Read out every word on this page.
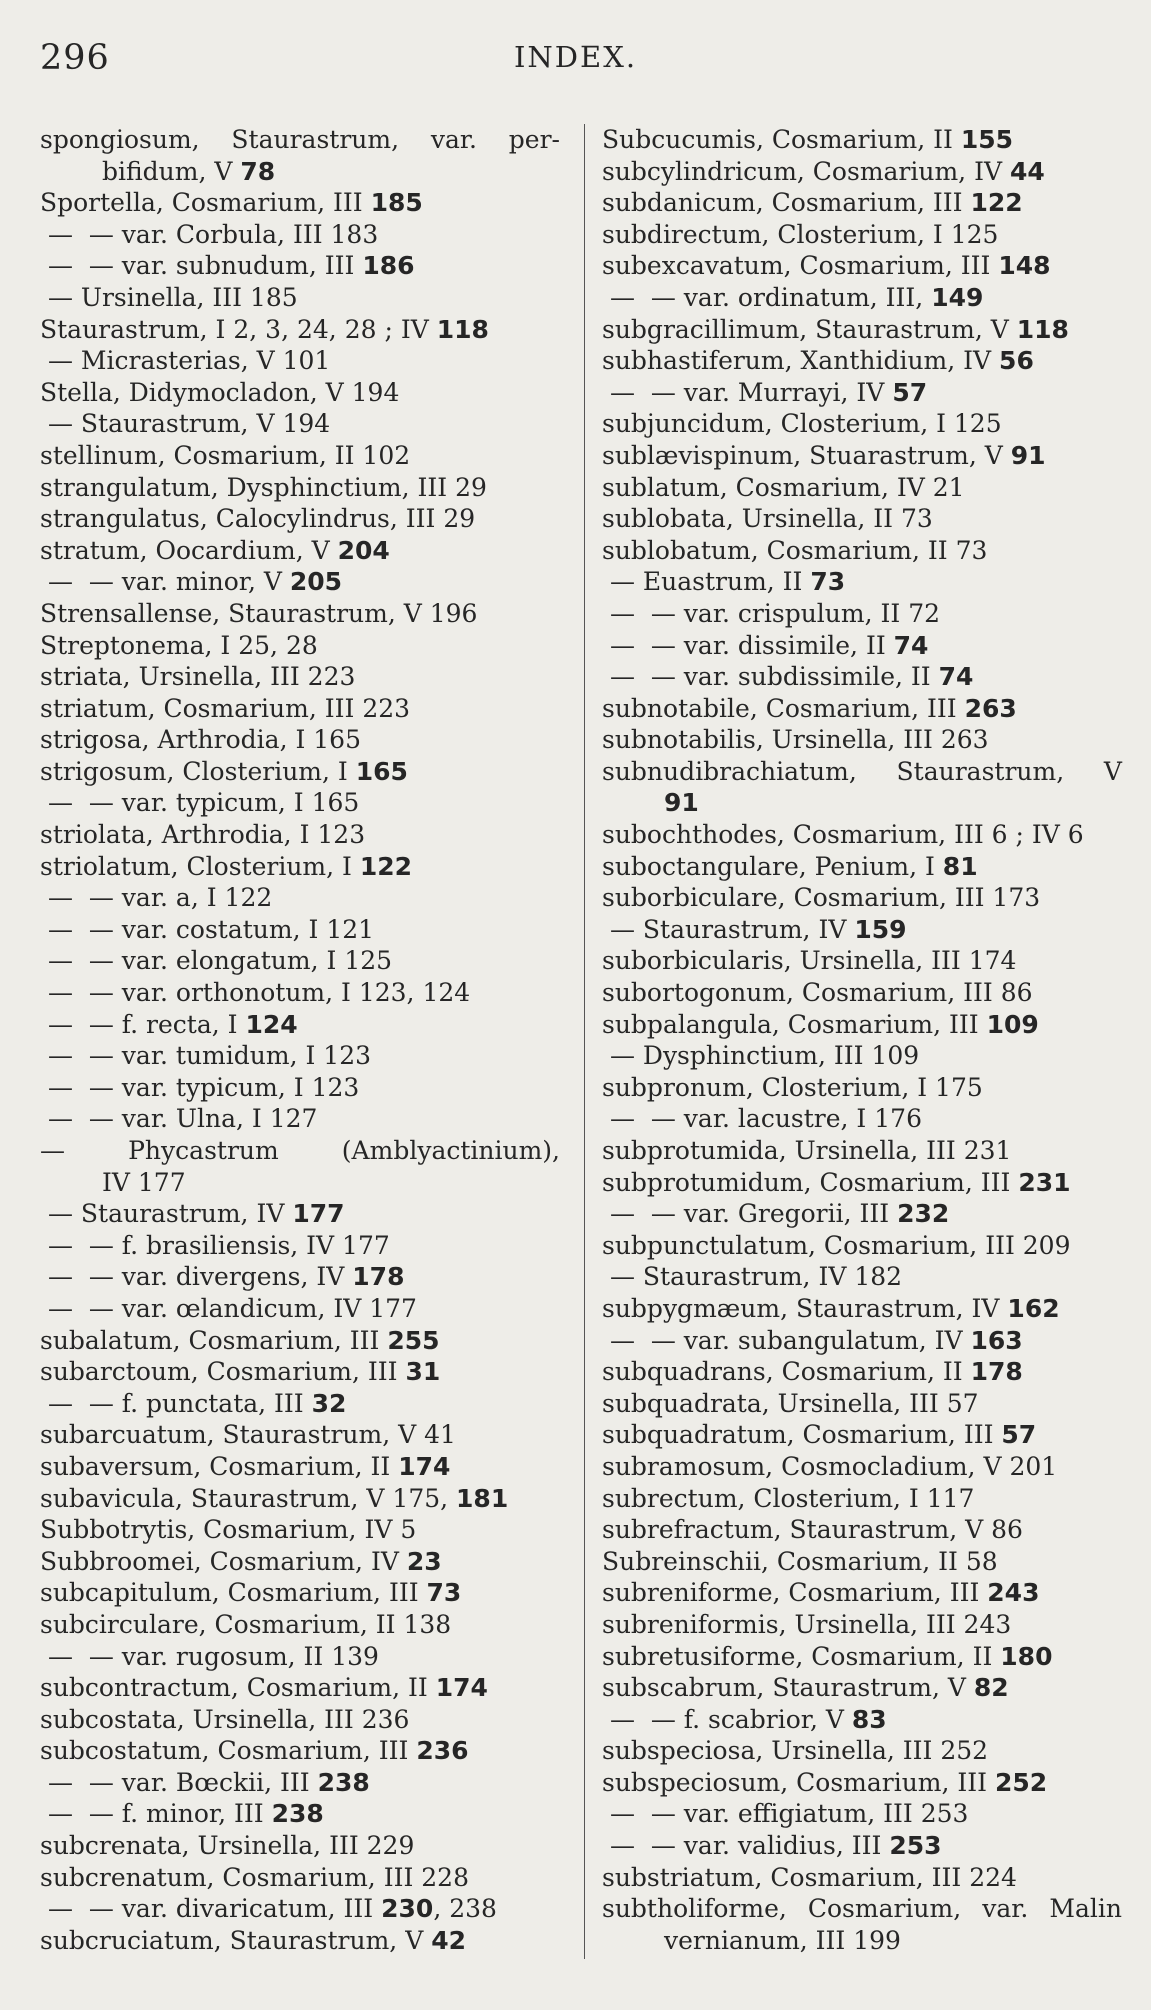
296	INDEX.
spongiosum, Staurastrum, var. per-
bifidum, V 78
Sportella, Cosmarium, III 185
—  — var. Corbula, III 183
—  — var. subnudum, III 186
— Ursinella, III 185
Staurastrum, I 2, 3, 24, 28 ; IV 118
— Micrasterias, V 101
Stella, Didymocladon, V 194
— Staurastrum, V 194
stellinum, Cosmarium, II 102
strangulatum, Dysphinctium, III 29
strangulatus, Calocylindrus, III 29
stratum, Oocardium, V 204
—  — var. minor, V 205
Strensallense, Staurastrum, V 196
Streptonema, I 25, 28
striata, Ursinella, III 223
striatum, Cosmarium, III 223
strigosa, Arthrodia, I 165
strigosum, Closterium, I 165
—  — var. typicum, I 165
striolata, Arthrodia, I 123
striolatum, Closterium, I 122
—  — var. a, I 122
—  — var. costatum, I 121
—  — var. elongatum, I 125
—  — var. orthonotum, I 123, 124
—  — f. recta, I 124
—  — var. tumidum, I 123
—  — var. typicum, I 123
—  — var. Ulna, I 127
— Phycastrum (Amblyactinium),
IV 177
— Staurastrum, IV 177
—  — f. brasiliensis, IV 177
—  — var. divergens, IV 178
—  — var. œlandicum, IV 177
subalatum, Cosmarium, III 255
subarctoum, Cosmarium, III 31
—  — f. punctata, III 32
subarcuatum, Staurastrum, V 41
subaversum, Cosmarium, II 174
subavicula, Staurastrum, V 175, 181
Subbotrytis, Cosmarium, IV 5
Subbroomei, Cosmarium, IV 23
subcapitulum, Cosmarium, III 73
subcirculare, Cosmarium, II 138
—  — var. rugosum, II 139
subcontractum, Cosmarium, II 174
subcostata, Ursinella, III 236
subcostatum, Cosmarium, III 236
—  — var. Bœckii, III 238
—  — f. minor, III 238
subcrenata, Ursinella, III 229
subcrenatum, Cosmarium, III 228
—  — var. divaricatum, III 230, 238
subcruciatum, Staurastrum, V 42
Subcucumis, Cosmarium, II 155
subcylindricum, Cosmarium, IV 44
subdanicum, Cosmarium, III 122
subdirectum, Closterium, I 125
subexcavatum, Cosmarium, III 148
—  — var. ordinatum, III, 149
subgracillimum, Staurastrum, V 118
subhastiferum, Xanthidium, IV 56
—  — var. Murrayi, IV 57
subjuncidum, Closterium, I 125
sublævispinum, Stuarastrum, V 91
sublatum, Cosmarium, IV 21
sublobata, Ursinella, II 73
sublobatum, Cosmarium, II 73
— Euastrum, II 73
—  — var. crispulum, II 72
—  — var. dissimile, II 74
—  — var. subdissimile, II 74
subnotabile, Cosmarium, III 263
subnotabilis, Ursinella, III 263
subnudibrachiatum, Staurastrum, V
91
subochthodes, Cosmarium, III 6 ; IV 6
suboctangulare, Penium, I 81
suborbiculare, Cosmarium, III 173
— Staurastrum, IV 159
suborbicularis, Ursinella, III 174
subortogonum, Cosmarium, III 86
subpalangula, Cosmarium, III 109
— Dysphinctium, III 109
subpronum, Closterium, I 175
—  — var. lacustre, I 176
subprotumida, Ursinella, III 231
subprotumidum, Cosmarium, III 231
—  — var. Gregorii, III 232
subpunctulatum, Cosmarium, III 209
— Staurastrum, IV 182
subpygmæum, Staurastrum, IV 162
—  — var. subangulatum, IV 163
subquadrans, Cosmarium, II 178
subquadrata, Ursinella, III 57
subquadratum, Cosmarium, III 57
subramosum, Cosmocladium, V 201
subrectum, Closterium, I 117
subrefractum, Staurastrum, V 86
Subreinschii, Cosmarium, II 58
subreniforme, Cosmarium, III 243
subreniformis, Ursinella, III 243
subretusiforme, Cosmarium, II 180
subscabrum, Staurastrum, V 82
—  — f. scabrior, V 83
subspeciosa, Ursinella, III 252
subspeciosum, Cosmarium, III 252
—  — var. effigiatum, III 253
—  — var. validius, III 253
substriatum, Cosmarium, III 224
subtholiforme, Cosmarium, var. Malin
vernianum, III 199
